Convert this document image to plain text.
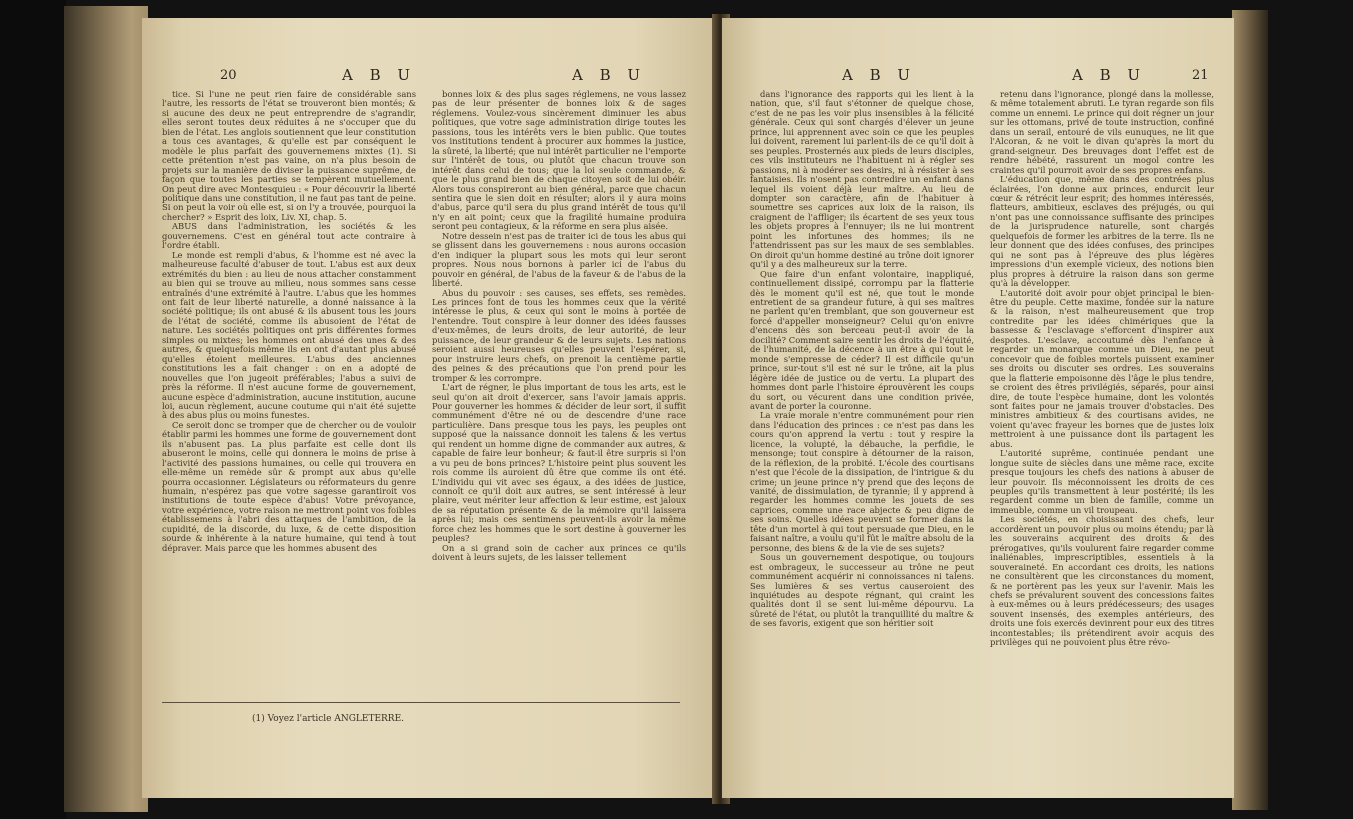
20	A B U	A B U

tice. Si l'une ne peut rien faire de considérable sans l'autre, les ressorts de l'état se trouveront bien montés; & si aucune des deux ne peut entreprendre de s'agrandir, elles seront toutes deux réduites à ne s'occuper que du bien de l'état. Les anglois soutiennent que leur constitution a tous ces avantages, & qu'elle est par conséquent le modèle le plus parfait des gouvernemens mixtes (1). Si cette prétention n'est pas vaine, on n'a plus besoin de projets sur la manière de diviser la puissance suprême, de façon que toutes les parties se tempèrent mutuellement. On peut dire avec Montesquieu : « Pour découvrir la liberté politique dans une constitution, il ne faut pas tant de peine. Si on peut la voir où elle est, si on l'y a trouvée, pourquoi la chercher? » Esprit des loix, Liv. XI, chap. 5.

ABUS dans l'administration, les sociétés & les gouvernemens. C'est en général tout acte contraire à l'ordre établi.

Le monde est rempli d'abus, & l'homme est né avec la malheureuse faculté d'abuser de tout. L'abus est aux deux extrémités du bien : au lieu de nous attacher constamment au bien qui se trouve au milieu, nous sommes sans cesse entraînés d'une extrémité à l'autre. L'abus que les hommes ont fait de leur liberté naturelle, a donné naissance à la société politique; ils ont abusé & ils abusent tous les jours de l'état de société, comme ils abusoient de l'état de nature. Les sociétés politiques ont pris différentes formes simples ou mixtes; les hommes ont abusé des unes & des autres, & quelquefois même ils en ont d'autant plus abusé qu'elles étoient meilleures. L'abus des anciennes constitutions les a fait changer : on en a adopté de nouvelles que l'on jugeoit préférables; l'abus a suivi de près la réforme. Il n'est aucune forme de gouvernement, aucune espèce d'administration, aucune institution, aucune loi, aucun règlement, aucune coutume qui n'ait été sujette à des abus plus ou moins funestes.

Ce seroit donc se tromper que de chercher ou de vouloir établir parmi les hommes une forme de gouvernement dont ils n'abusent pas. La plus parfaite est celle dont ils abuseront le moins, celle qui donnera le moins de prise à l'activité des passions humaines, ou celle qui trouvera en elle-même un remède sûr & prompt aux abus qu'elle pourra occasionner. Législateurs ou réformateurs du genre humain, n'espérez pas que votre sagesse garantiroit vos institutions de toute espèce d'abus! Votre prévoyance, votre expérience, votre raison ne mettront point vos foibles établissemens à l'abri des attaques de l'ambition, de la cupidité, de la discorde, du luxe, & de cette disposition sourde & inhérente à la nature humaine, qui tend à tout dépraver. Mais parce que les hommes abusent des

bonnes loix & des plus sages réglemens, ne vous lassez pas de leur présenter de bonnes loix & de sages réglemens. Voulez-vous sincèrement diminuer les abus politiques, que votre sage administration dirige toutes les passions, tous les intérêts vers le bien public. Que toutes vos institutions tendent à procurer aux hommes la justice, la sûreté, la liberté; que nul intérêt particulier ne l'emporte sur l'intérêt de tous, ou plutôt que chacun trouve son intérêt dans celui de tous; que la loi seule commande, & que le plus grand bien de chaque citoyen soit de lui obéir. Alors tous conspireront au bien général, parce que chacun sentira que le sien doit en résulter; alors il y aura moins d'abus, parce qu'il sera du plus grand intérêt de tous qu'il n'y en ait point; ceux que la fragilité humaine produira seront peu contagieux, & la réforme en sera plus aisée.

Notre dessein n'est pas de traiter ici de tous les abus qui se glissent dans les gouvernemens : nous aurons occasion d'en indiquer la plupart sous les mots qui leur seront propres. Nous nous bornons à parler ici de l'abus du pouvoir en général, de l'abus de la faveur & de l'abus de la liberté.

Abus du pouvoir : ses causes, ses effets, ses remèdes. Les princes font de tous les hommes ceux que la vérité intéresse le plus, & ceux qui sont le moins à portée de l'entendre. Tout conspire à leur donner des idées fausses d'eux-mêmes, de leurs droits, de leur autorité, de leur puissance, de leur grandeur & de leurs sujets. Les nations seroient aussi heureuses qu'elles peuvent l'espérer, si, pour instruire leurs chefs, on prenoit la centième partie des peines & des précautions que l'on prend pour les tromper & les corrompre.

L'art de régner, le plus important de tous les arts, est le seul qu'on ait droit d'exercer, sans l'avoir jamais appris. Pour gouverner les hommes & décider de leur sort, il suffit communément d'être né ou de descendre d'une race particulière. Dans presque tous les pays, les peuples ont supposé que la naissance donnoit les talens & les vertus qui rendent un homme digne de commander aux autres, & capable de faire leur bonheur; & faut-il être surpris si l'on a vu peu de bons princes? L'histoire peint plus souvent les rois comme ils auroient dû être que comme ils ont été. L'individu qui vit avec ses égaux, a des idées de justice, connoît ce qu'il doit aux autres, se sent intéressé à leur plaire, veut mériter leur affection & leur estime, est jaloux de sa réputation présente & de la mémoire qu'il laissera après lui; mais ces sentimens peuvent-ils avoir la même force chez les hommes que le sort destine à gouverner les peuples?

On a si grand soin de cacher aux princes ce qu'ils doivent à leurs sujets, de les laisser tellement

(1) Voyez l'article ANGLETERRE.
A B U	A B U	21

dans l'ignorance des rapports qui les lient à la nation, que, s'il faut s'étonner de quelque chose, c'est de ne pas les voir plus insensibles à la félicité générale. Ceux qui sont chargés d'élever un jeune prince, lui apprennent avec soin ce que les peuples lui doivent, rarement lui parlent-ils de ce qu'il doit à ses peuples. Prosternés aux pieds de leurs disciples, ces vils instituteurs ne l'habituent ni à régler ses passions, ni à modérer ses desirs, ni à résister à ses fantaisies. Ils n'osent pas contredire un enfant dans lequel ils voient déjà leur maître. Au lieu de dompter son caractère, afin de l'habituer à soumettre ses caprices aux loix de la raison, ils craignent de l'affliger; ils écartent de ses yeux tous les objets propres à l'ennuyer; ils ne lui montrent point les infortunes des hommes; ils ne l'attendrissent pas sur les maux de ses semblables. On diroit qu'un homme destiné au trône doit ignorer qu'il y a des malheureux sur la terre.

Que faire d'un enfant volontaire, inappliqué, continuellement dissipé, corrompu par la flatterie dès le moment qu'il est né, que tout le monde entretient de sa grandeur future, à qui ses maîtres ne parlent qu'en tremblant, que son gouverneur est forcé d'appeller monseigneur? Celui qu'on enivre d'encens dès son berceau peut-il avoir de la docilité? Comment saire sentir les droits de l'équité, de l'humanité, de la décence à un être à qui tout le monde s'empresse de céder? Il est difficile qu'un prince, sur-tout s'il est né sur le trône, ait la plus légère idée de justice ou de vertu. La plupart des hommes dont parle l'histoire éprouvèrent les coups du sort, ou vécurent dans une condition privée, avant de porter la couronne.

La vraie morale n'entre communément pour rien dans l'éducation des princes : ce n'est pas dans les cours qu'on apprend la vertu : tout y respire la licence, la volupté, la débauche, la perfidie, le mensonge; tout conspire à détourner de la raison, de la réflexion, de la probité. L'école des courtisans n'est que l'école de la dissipation, de l'intrigue & du crime; un jeune prince n'y prend que des leçons de vanité, de dissimulation, de tyrannie; il y apprend à regarder les hommes comme les jouets de ses caprices, comme une race abjecte & peu digne de ses soins. Quelles idées peuvent se former dans la tête d'un mortel à qui tout persuade que Dieu, en le faisant naître, a voulu qu'il fût le maître absolu de la personne, des biens & de la vie de ses sujets?

Sous un gouvernement despotique, ou toujours est ombrageux, le successeur au trône ne peut communément acquérir ni connoissances ni talens. Ses lumières & ses vertus causeroient des inquiétudes au despote régnant, qui craint les qualités dont il se sent lui-même dépourvu. La sûreté de l'état, ou plutôt la tranquillité du maître & de ses favoris, exigent que son héritier soit

retenu dans l'ignorance, plongé dans la mollesse, & même totalement abruti. Le tyran regarde son fils comme un ennemi. Le prince qui doit régner un jour sur les ottomans, privé de toute instruction, confiné dans un serail, entouré de vils eunuques, ne lit que l'Alcoran, & ne voit le divan qu'après la mort du grand-seigneur. Des breuvages dont l'effet est de rendre hébété, rassurent un mogol contre les craintes qu'il pourroit avoir de ses propres enfans.

L'éducation que, même dans des contrées plus éclairées, l'on donne aux princes, endurcit leur cœur & rétrécit leur esprit; des hommes intéressés, flatteurs, ambitieux, esclaves des préjugés, ou qui n'ont pas une connoissance suffisante des principes de la jurisprudence naturelle, sont chargés quelquefois de former les arbitres de la terre. Ils ne leur donnent que des idées confuses, des principes qui ne sont pas à l'épreuve des plus légères impressions d'un exemple vicieux, des notions bien plus propres à détruire la raison dans son germe qu'à la développer.

L'autorité doit avoir pour objet principal le bien-être du peuple. Cette maxime, fondée sur la nature & la raison, n'est malheureusement que trop contredite par les idées chimériques que la bassesse & l'esclavage s'efforcent d'inspirer aux despotes. L'esclave, accoutumé dès l'enfance à regarder un monarque comme un Dieu, ne peut concevoir que de foibles mortels puissent examiner ses droits ou discuter ses ordres. Les souverains que la flatterie empoisonne dès l'âge le plus tendre, se croient des êtres privilégiés, séparés, pour ainsi dire, de toute l'espèce humaine, dont les volontés sont faites pour ne jamais trouver d'obstacles. Des ministres ambitieux & des courtisans avides, ne voient qu'avec frayeur les bornes que de justes loix mettroient à une puissance dont ils partagent les abus.

L'autorité suprême, continuée pendant une longue suite de siècles dans une même race, excite presque toujours les chefs des nations à abuser de leur pouvoir. Ils méconnoissent les droits de ces peuples qu'ils transmettent à leur postérité; ils les regardent comme un bien de famille, comme un immeuble, comme un vil troupeau.

Les sociétés, en choisissant des chefs, leur accordèrent un pouvoir plus ou moins étendu; par là les souverains acquirent des droits & des prérogatives, qu'ils voulurent faire regarder comme inaliénables, imprescriptibles, essentiels à la souveraineté. En accordant ces droits, les nations ne consultèrent que les circonstances du moment, & ne portèrent pas les yeux sur l'avenir. Mais les chefs se prévalurent souvent des concessions faites à eux-mêmes ou à leurs prédécesseurs; des usages souvent insensés, des exemples antérieurs, des droits une fois exercés devinrent pour eux des titres incontestables; ils prétendirent avoir acquis des privilèges qui ne pouvoient plus être révo-
